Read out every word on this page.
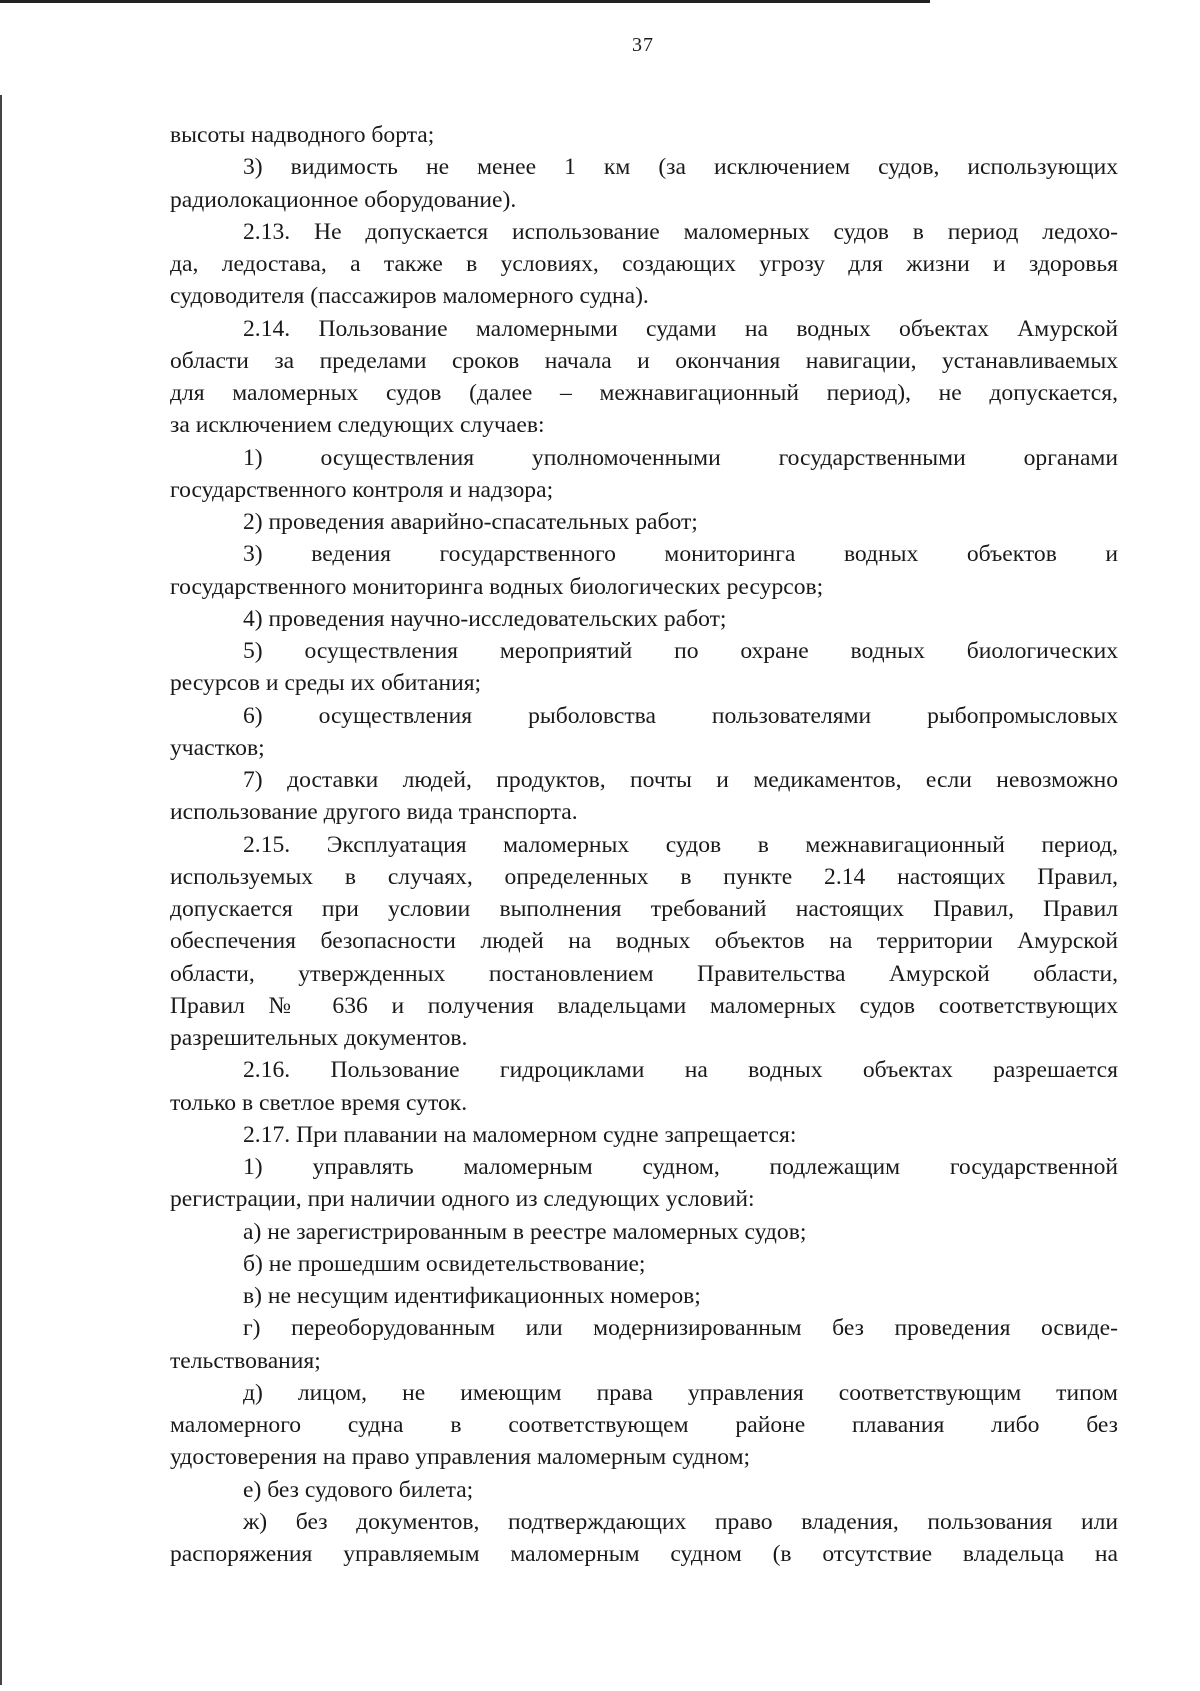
37

высоты надводного борта;

3) видимость не менее 1 км (за исключением судов, использующих

радиолокационное оборудование).

2.13. Не допускается использование маломерных судов в период ледохо-

да, ледостава, а также в условиях, создающих угрозу для жизни и здоровья

судоводителя (пассажиров маломерного судна).

2.14. Пользование маломерными судами на водных объектах Амурской

области за пределами сроков начала и окончания навигации, устанавливаемых

для маломерных судов (далее – межнавигационный период), не допускается,

за исключением следующих случаев:

1) осуществления уполномоченными государственными органами

государственного контроля и надзора;

2) проведения аварийно-спасательных работ;

3) ведения государственного мониторинга водных объектов и

государственного мониторинга водных биологических ресурсов;

4) проведения научно-исследовательских работ;

5) осуществления мероприятий по охране водных биологических

ресурсов и среды их обитания;

6) осуществления рыболовства пользователями рыбопромысловых

участков;

7) доставки людей, продуктов, почты и медикаментов, если невозможно

использование другого вида транспорта.

2.15. Эксплуатация маломерных судов в межнавигационный период,

используемых в случаях, определенных в пункте 2.14 настоящих Правил,

допускается при условии выполнения требований настоящих Правил, Правил

обеспечения безопасности людей на водных объектов на территории Амурской

области, утвержденных постановлением Правительства Амурской области,

Правил № 636 и получения владельцами маломерных судов соответствующих

разрешительных документов.

2.16. Пользование гидроциклами на водных объектах разрешается

только в светлое время суток.

2.17. При плавании на маломерном судне запрещается:

1) управлять маломерным судном, подлежащим государственной

регистрации, при наличии одного из следующих условий:

а) не зарегистрированным в реестре маломерных судов;

б) не прошедшим освидетельствование;

в) не несущим идентификационных номеров;

г) переоборудованным или модернизированным без проведения освиде-

тельствования;

д) лицом, не имеющим права управления соответствующим типом

маломерного судна в соответствующем районе плавания либо без

удостоверения на право управления маломерным судном;

е) без судового билета;

ж) без документов, подтверждающих право владения, пользования или

распоряжения управляемым маломерным судном (в отсутствие владельца на
